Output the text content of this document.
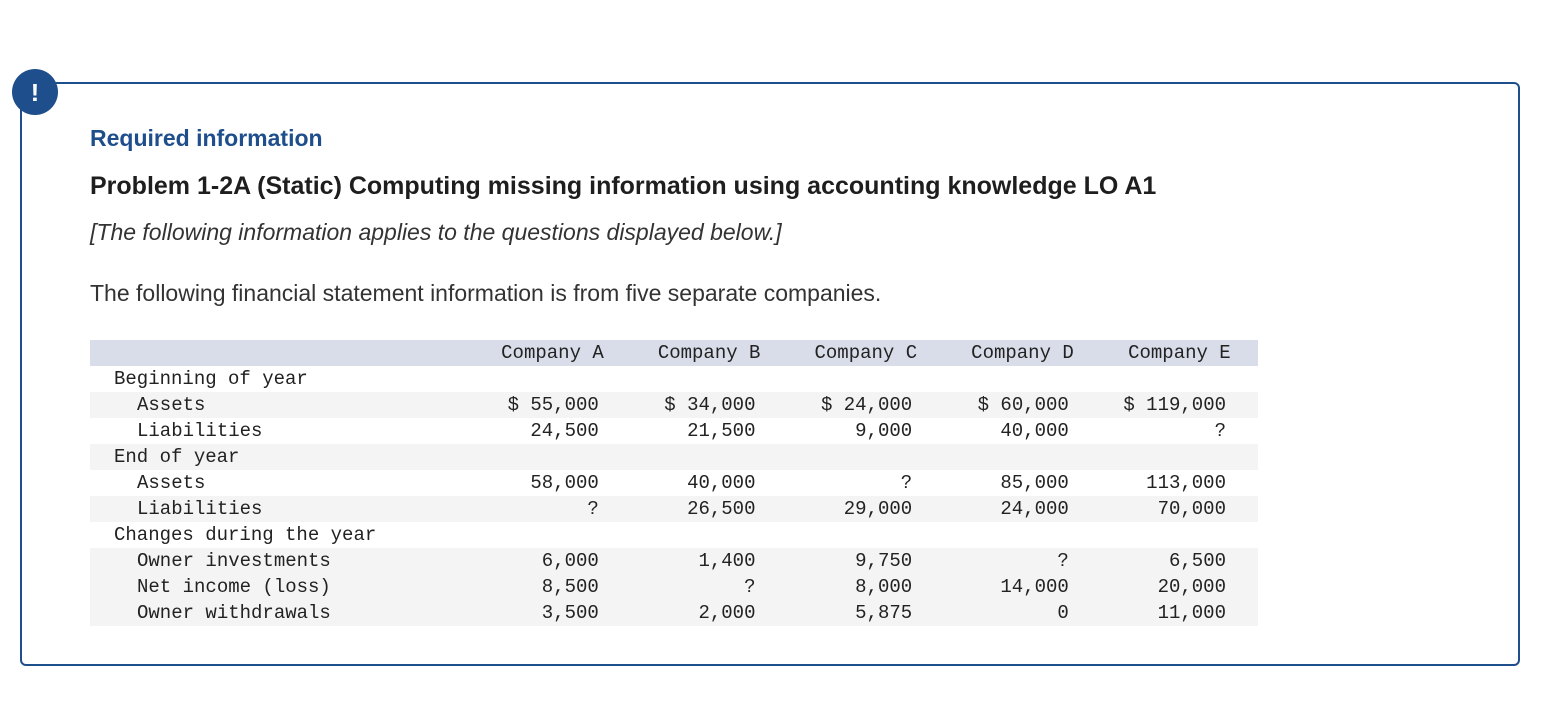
!
Required information
Problem 1-2A (Static) Computing missing information using accounting knowledge LO A1
[The following information applies to the questions displayed below.]
The following financial statement information is from five separate companies.
	Company A	Company B	Company C	Company D	Company E
Beginning of year					
Assets	$ 55,000	$ 34,000	$ 24,000	$ 60,000	$ 119,000
Liabilities	24,500	21,500	9,000	40,000	?
End of year					
Assets	58,000	40,000	?	85,000	113,000
Liabilities	?	26,500	29,000	24,000	70,000
Changes during the year					
Owner investments	6,000	1,400	9,750	?	6,500
Net income (loss)	8,500	?	8,000	14,000	20,000
Owner withdrawals	3,500	2,000	5,875	0	11,000
